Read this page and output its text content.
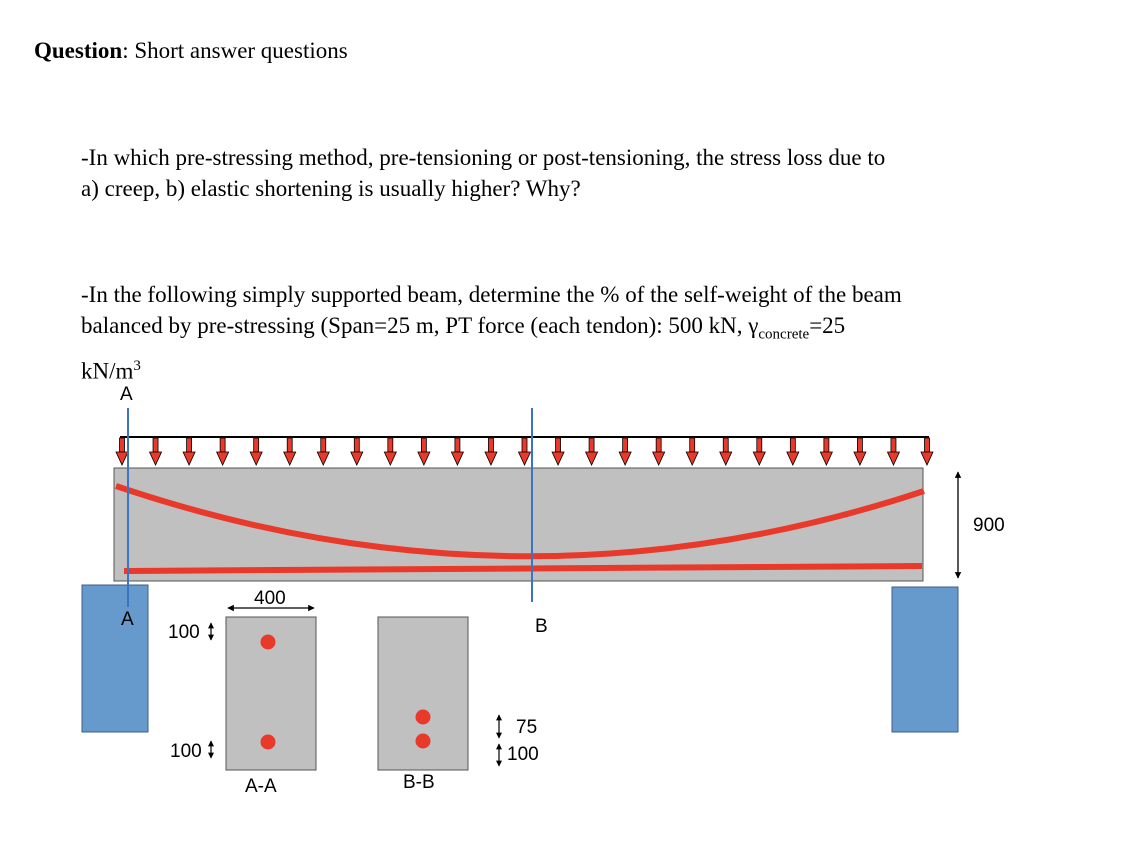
Question: Short answer questions

-In which pre-stressing method, pre-tensioning or post-tensioning, the stress loss due to
a) creep, b) elastic shortening is usually higher? Why?

-In the following simply supported beam, determine the % of the self-weight of the beam
balanced by pre-stressing (Span=25 m, PT force (each tendon): 500 kN, $\gamma_{concrete}=25$
$kN/m^3$

A
A	B
900
400
100
100
A-A	B-B
75
100
